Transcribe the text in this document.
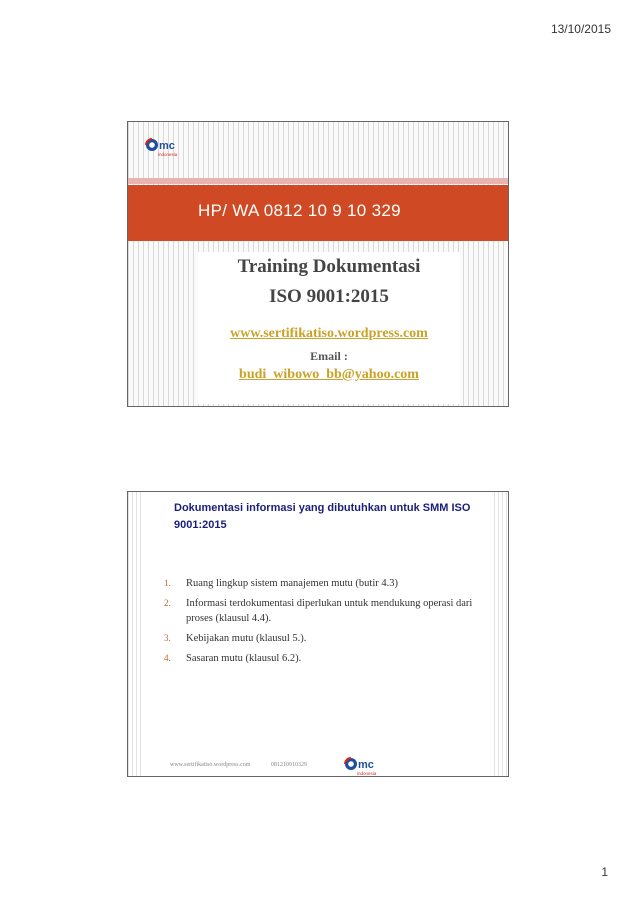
13/10/2015
mc
indonesia
HP/ WA 0812 10 9 10 329
Training Dokumentasi
ISO 9001:2015
www.sertifikatiso.wordpress.com
Email :
budi_wibowo_bb@yahoo.com
Dokumentasi informasi yang dibutuhkan untuk SMM ISO 9001:2015
1. Ruang lingkup sistem manajemen mutu (butir 4.3)
2. Informasi terdokumentasi diperlukan untuk mendukung operasi dari proses (klausul 4.4).
3. Kebijakan mutu (klausul 5.).
4. Sasaran mutu (klausul 6.2).
www.sertifikatiso.wordpress.com	081210910329	mc
indonesia
1
